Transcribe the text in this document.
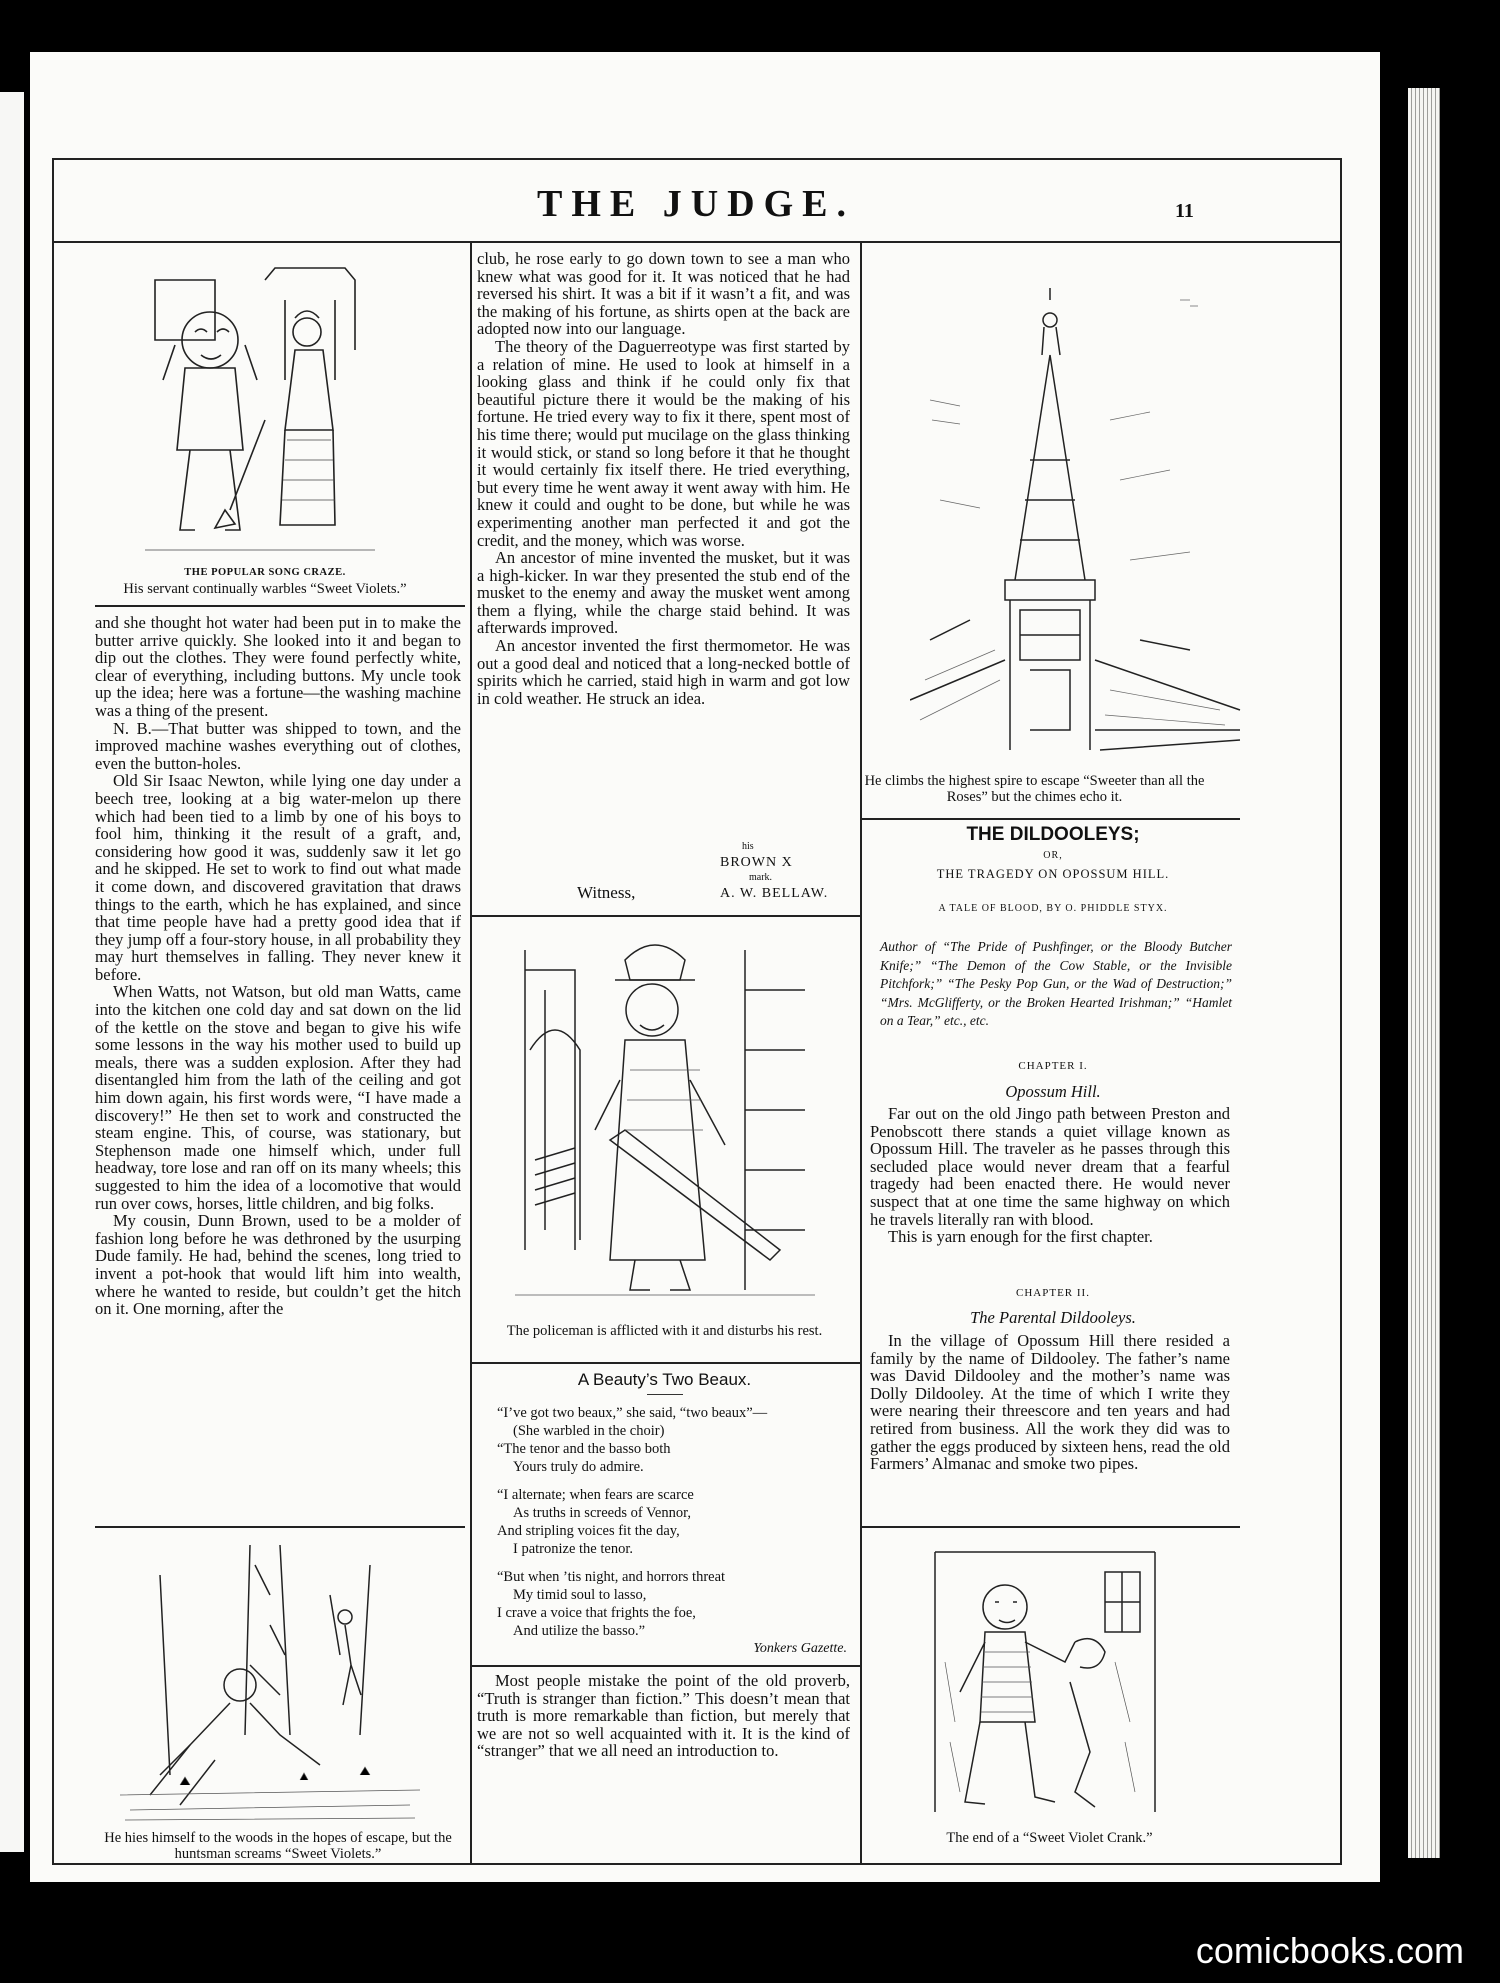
THE JUDGE.	11
THE POPULAR SONG CRAZE.
His servant continually warbles “Sweet Violets.”

and she thought hot water had been put in to make the butter arrive quickly. She looked into it and began to dip out the clothes. They were found perfectly white, clear of everything, including buttons. My uncle took up the idea; here was a fortune—the washing machine was a thing of the present.

N. B.—That butter was shipped to town, and the improved machine washes everything out of clothes, even the button-holes.

Old Sir Isaac Newton, while lying one day under a beech tree, looking at a big water-melon up there which had been tied to a limb by one of his boys to fool him, thinking it the result of a graft, and, considering how good it was, suddenly saw it let go and he skipped. He set to work to find out what made it come down, and discovered gravitation that draws things to the earth, which he has explained, and since that time people have had a pretty good idea that if they jump off a four-story house, in all probability they may hurt themselves in falling. They never knew it before.

When Watts, not Watson, but old man Watts, came into the kitchen one cold day and sat down on the lid of the kettle on the stove and began to give his wife some lessons in the way his mother used to build up meals, there was a sudden explosion. After they had disentangled him from the lath of the ceiling and got him down again, his first words were, “I have made a discovery!” He then set to work and constructed the steam engine. This, of course, was stationary, but Stephenson made one himself which, under full headway, tore lose and ran off on its many wheels; this suggested to him the idea of a locomotive that would run over cows, horses, little children, and big folks.

My cousin, Dunn Brown, used to be a molder of fashion long before he was dethroned by the usurping Dude family. He had, behind the scenes, long tried to invent a pot-hook that would lift him into wealth, where he wanted to reside, but couldn’t get the hitch on it. One morning, after the

He hies himself to the woods in the hopes of escape, but the huntsman screams “Sweet Violets.”

club, he rose early to go down town to see a man who knew what was good for it. It was noticed that he had reversed his shirt. It was a bit if it wasn’t a fit, and was the making of his fortune, as shirts open at the back are adopted now into our language.

The theory of the Daguerreotype was first started by a relation of mine. He used to look at himself in a looking glass and think if he could only fix that beautiful picture there it would be the making of his fortune. He tried every way to fix it there, spent most of his time there; would put mucilage on the glass thinking it would stick, or stand so long before it that he thought it would certainly fix itself there. He tried everything, but every time he went away it went away with him. He knew it could and ought to be done, but while he was experimenting another man perfected it and got the credit, and the money, which was worse.

An ancestor of mine invented the musket, but it was a high-kicker. In war they presented the stub end of the musket to the enemy and away the musket went among them a flying, while the charge staid behind. It was afterwards improved.

An ancestor invented the first thermometor. He was out a good deal and noticed that a long-necked bottle of spirits which he carried, staid high in warm and got low in cold weather. He struck an idea.

his
BROWN X
mark.
Witness,	A. W. BELLAW.
The policeman is afflicted with it and disturbs his rest.
A Beauty’s Two Beaux.
“I’ve got two beaux,” she said, “two beaux”—
(She warbled in the choir)
“The tenor and the basso both
Yours truly do admire.
“I alternate; when fears are scarce
As truths in screeds of Vennor,
And stripling voices fit the day,
I patronize the tenor.
“But when ’tis night, and horrors threat
My timid soul to lasso,
I crave a voice that frights the foe,
And utilize the basso.”
Yonkers Gazette.

Most people mistake the point of the old proverb, “Truth is stranger than fiction.” This doesn’t mean that truth is more remarkable than fiction, but merely that we are not so well acquainted with it. It is the kind of “stranger” that we all need an introduction to.

He climbs the highest spire to escape “Sweeter than all the Roses” but the chimes echo it.
THE DILDOOLEYS;
OR,
THE TRAGEDY ON OPOSSUM HILL.
A TALE OF BLOOD, BY O. PHIDDLE STYX.
Author of “The Pride of Pushfinger, or the Bloody Butcher Knife;” “The Demon of the Cow Stable, or the Invisible Pitchfork;” “The Pesky Pop Gun, or the Wad of Destruction;” “Mrs. McGlifferty, or the Broken Hearted Irishman;” “Hamlet on a Tear,” etc., etc.
CHAPTER I.
Opossum Hill.

Far out on the old Jingo path between Preston and Penobscott there stands a quiet village known as Opossum Hill. The traveler as he passes through this secluded place would never dream that a fearful tragedy had been enacted there. He would never suspect that at one time the same highway on which he travels literally ran with blood.

This is yarn enough for the first chapter.

CHAPTER II.
The Parental Dildooleys.

In the village of Opossum Hill there resided a family by the name of Dildooley. The father’s name was David Dildooley and the mother’s name was Dolly Dildooley. At the time of which I write they were nearing their threescore and ten years and had retired from business. All the work they did was to gather the eggs produced by sixteen hens, read the old Farmers’ Almanac and smoke two pipes.

The end of a “Sweet Violet Crank.”
comicbooks.com
